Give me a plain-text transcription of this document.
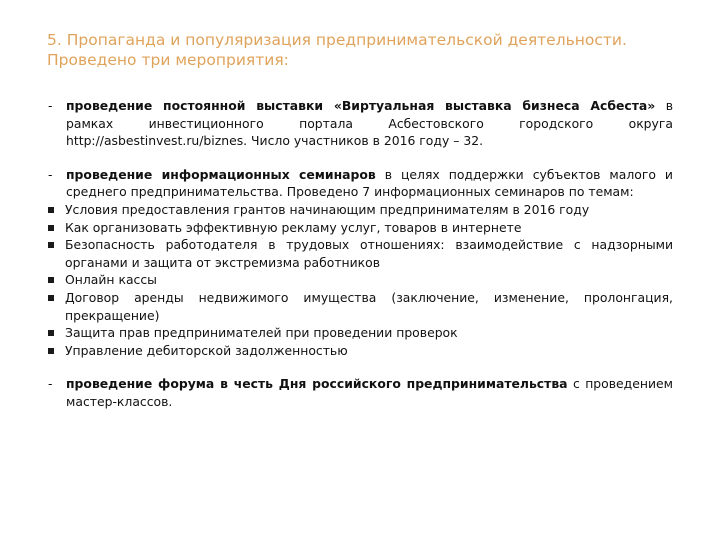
5. Пропаганда и популяризация предпринимательской деятельности. Проведено три мероприятия:
-	проведение постоянной выставки «Виртуальная выставка бизнеса Асбеста» в рамках инвестиционного портала Асбестовского городского округа http://asbestinvest.ru/biznes. Число участников в 2016 году – 32.
-	проведение информационных семинаров в целях поддержки субъектов малого и среднего предпринимательства. Проведено 7 информационных семинаров по темам:
Условия предоставления грантов начинающим предпринимателям в 2016 году
Как организовать эффективную рекламу услуг, товаров в интернете
Безопасность работодателя в трудовых отношениях: взаимодействие с надзорными органами и защита от экстремизма работников
Онлайн кассы
Договор аренды недвижимого имущества (заключение, изменение, пролонгация, прекращение)
Защита прав предпринимателей при проведении проверок
Управление дебиторской задолженностью
-	проведение форума в честь Дня российского предпринимательства с проведением мастер-классов.
